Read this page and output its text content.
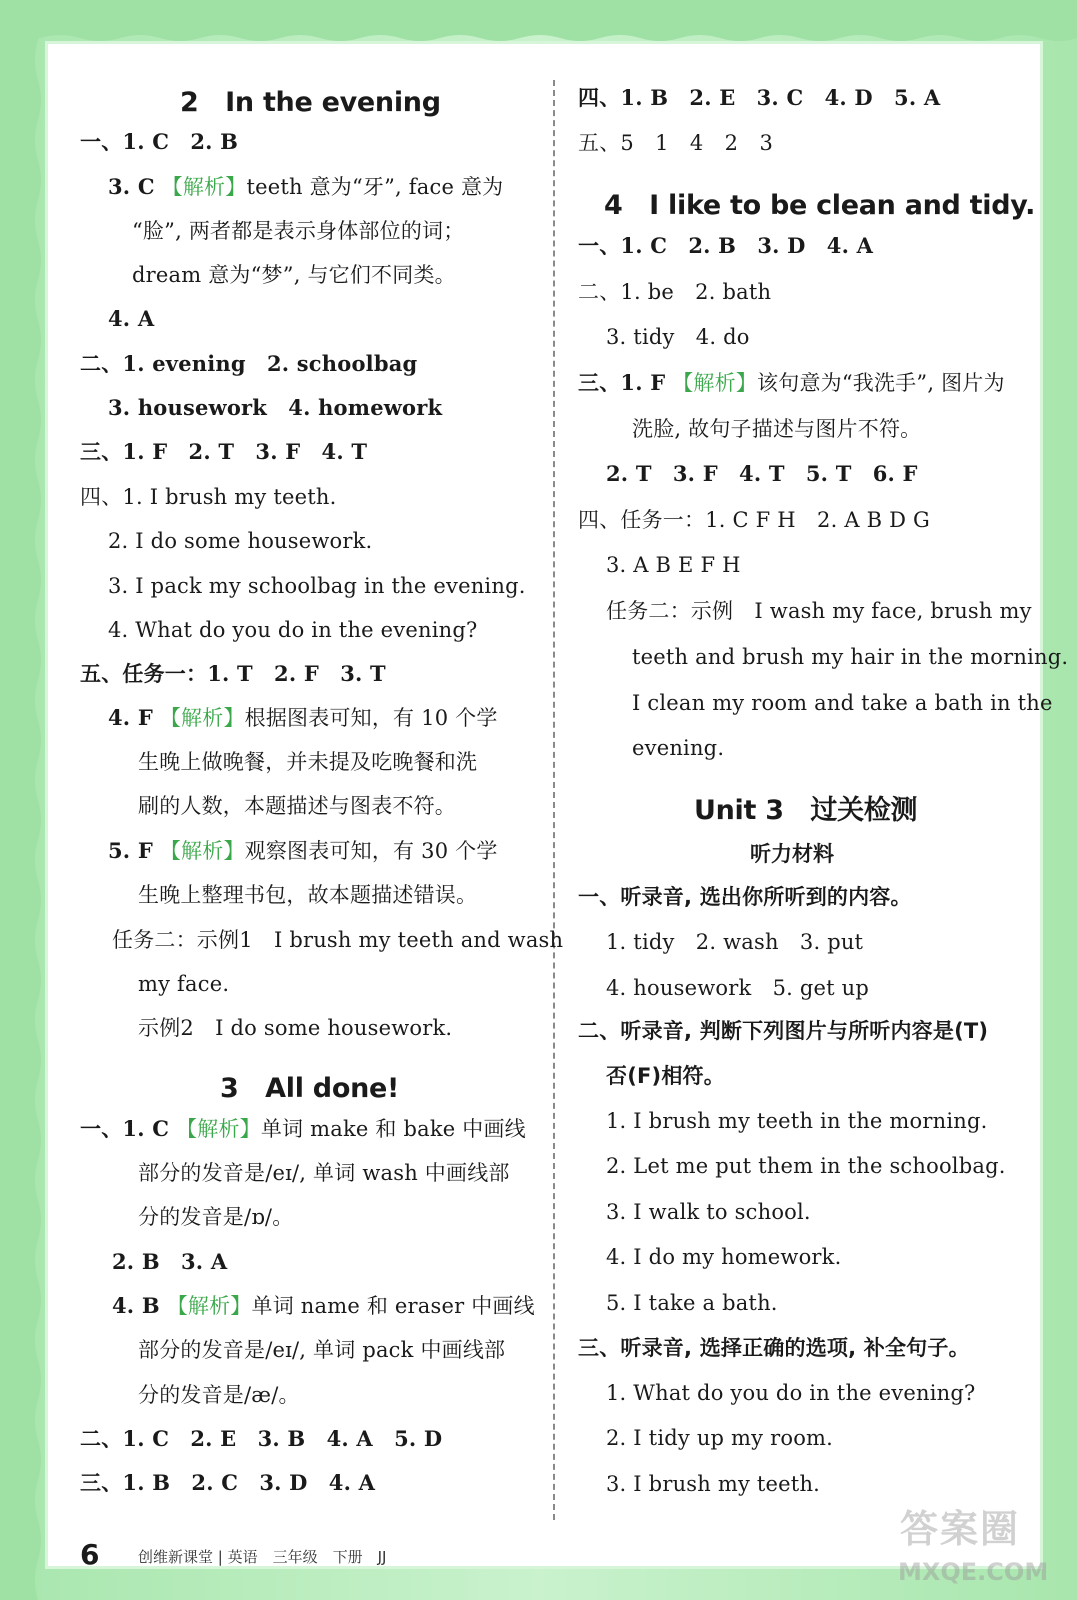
2　In the evening
一、1. C　2. B
3. C 【解析】teeth 意为“牙”, face 意为
“脸”, 两者都是表示身体部位的词；
dream 意为“梦”, 与它们不同类。
4. A
二、1. evening　2. schoolbag
3. housework　4. homework
三、1. F　2. T　3. F　4. T
四、1. I brush my teeth.
2. I do some housework.
3. I pack my schoolbag in the evening.
4. What do you do in the evening?
五、任务一：1. T　2. F　3. T
4. F 【解析】根据图表可知，有 10 个学
生晚上做晚餐，并未提及吃晚餐和洗
刷的人数，本题描述与图表不符。
5. F 【解析】观察图表可知，有 30 个学
生晚上整理书包，故本题描述错误。
任务二：示例1　I brush my teeth and wash
my face.
示例2　I do some housework.
3　All done!
一、1. C 【解析】单词 make 和 bake 中画线
部分的发音是/eɪ/, 单词 wash 中画线部
分的发音是/ɒ/。
2. B　3. A
4. B 【解析】单词 name 和 eraser 中画线
部分的发音是/eɪ/, 单词 pack 中画线部
分的发音是/æ/。
二、1. C　2. E　3. B　4. A　5. D
三、1. B　2. C　3. D　4. A
四、1. B　2. E　3. C　4. D　5. A
五、5　1　4　2　3
4　I like to be clean and tidy.
一、1. C　2. B　3. D　4. A
二、1. be　2. bath
3. tidy　4. do
三、1. F 【解析】该句意为“我洗手”, 图片为
洗脸, 故句子描述与图片不符。
2. T　3. F　4. T　5. T　6. F
四、任务一：1. C F H　2. A B D G
3. A B E F H
任务二：示例　I wash my face, brush my
teeth and brush my hair in the morning.
I clean my room and take a bath in the
evening.
Unit 3　过关检测
听力材料
一、听录音, 选出你所听到的内容。
1. tidy　2. wash　3. put
4. housework　5. get up
二、听录音, 判断下列图片与所听内容是(T)
否(F)相符。
1. I brush my teeth in the morning.
2. Let me put them in the schoolbag.
3. I walk to school.
4. I do my homework.
5. I take a bath.
三、听录音, 选择正确的选项, 补全句子。
1. What do you do in the evening?
2. I tidy up my room.
3. I brush my teeth.
6	创维新课堂 | 英语　三年级　下册　JJ
答案圈
MXQE.COM
